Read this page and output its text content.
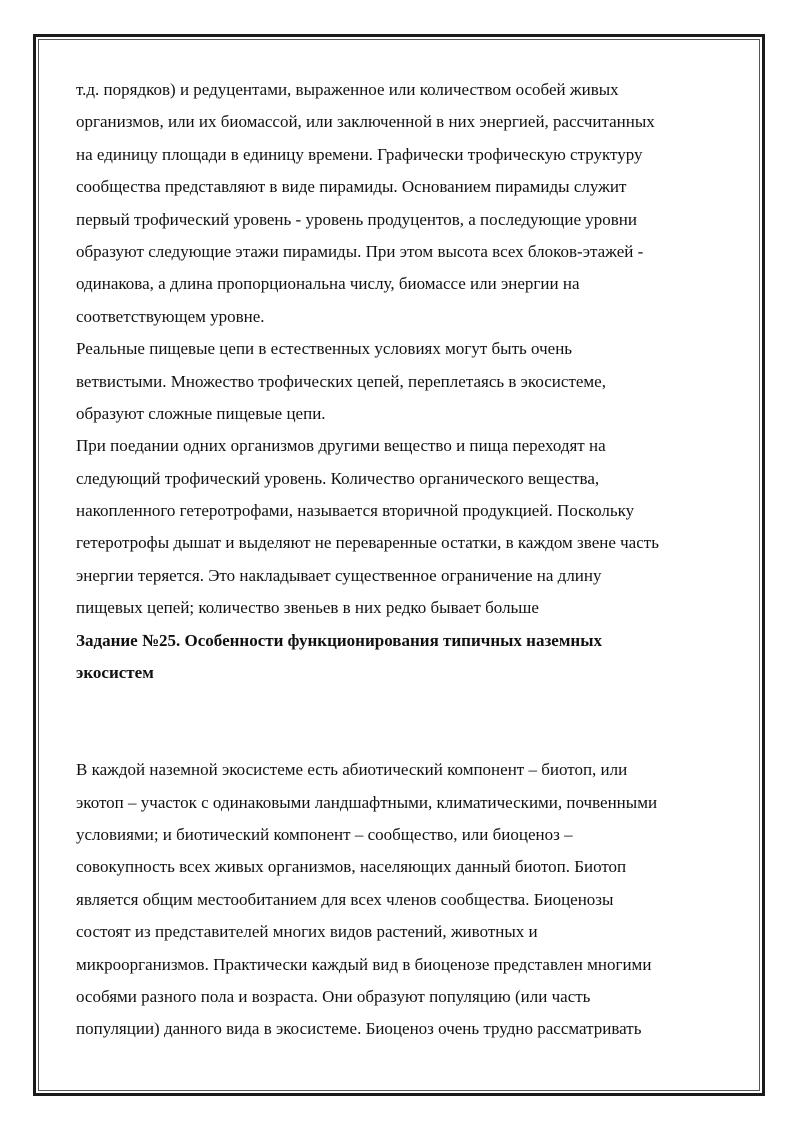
т.д. порядков) и редуцентами, выраженное или количеством особей живых
организмов, или их биомассой, или заключенной в них энергией, рассчитанных
на единицу площади в единицу времени. Графически трофическую структуру
сообщества представляют в виде пирамиды. Основанием пирамиды служит
первый трофический уровень - уровень продуцентов, а последующие уровни
образуют следующие этажи пирамиды. При этом высота всех блоков-этажей -
одинакова, а длина пропорциональна числу, биомассе или энергии на
соответствующем уровне.
Реальные пищевые цепи в естественных условиях могут быть очень
ветвистыми. Множество трофических цепей, переплетаясь в экосистеме,
образуют сложные пищевые цепи.
При поедании одних организмов другими вещество и пища переходят на
следующий трофический уровень. Количество органического вещества,
накопленного гетеротрофами, называется вторичной продукцией. Поскольку
гетеротрофы дышат и выделяют не переваренные остатки, в каждом звене часть
энергии теряется. Это накладывает существенное ограничение на длину
пищевых цепей; количество звеньев в них редко бывает больше
Задание №25. Особенности функционирования типичных наземных
экосистем
В каждой наземной экосистеме есть абиотический компонент – биотоп, или
экотоп – участок с одинаковыми ландшафтными, климатическими, почвенными
условиями; и биотический компонент – сообщество, или биоценоз –
совокупность всех живых организмов, населяющих данный биотоп. Биотоп
является общим местообитанием для всех членов сообщества. Биоценозы
состоят из представителей многих видов растений, животных и
микроорганизмов. Практически каждый вид в биоценозе представлен многими
особями разного пола и возраста. Они образуют популяцию (или часть
популяции) данного вида в экосистеме. Биоценоз очень трудно рассматривать
